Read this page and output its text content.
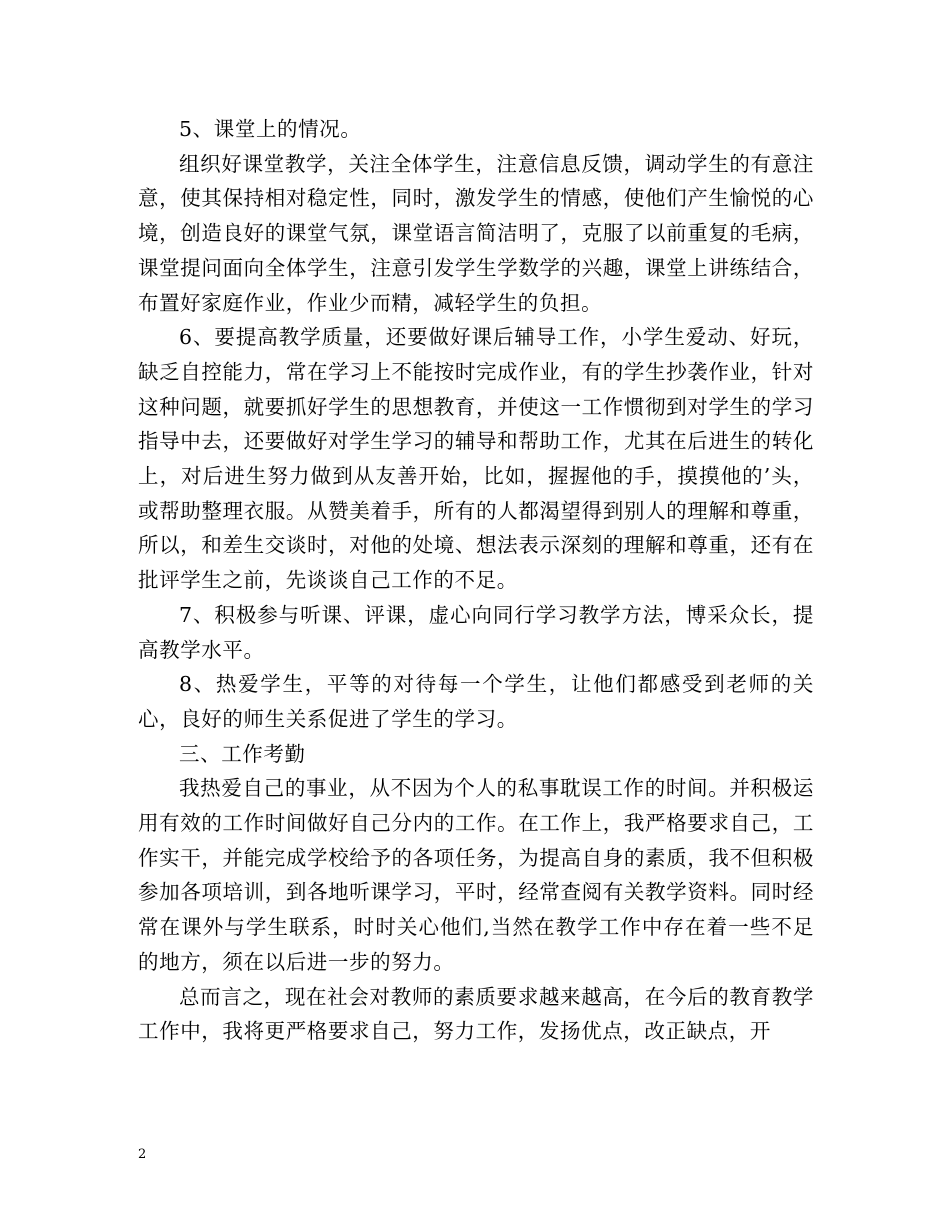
5、课堂上的情况。

组织好课堂教学，关注全体学生，注意信息反馈，调动学生的有意注意，使其保持相对稳定性，同时，激发学生的情感，使他们产生愉悦的心境，创造良好的课堂气氛，课堂语言简洁明了，克服了以前重复的毛病，课堂提问面向全体学生，注意引发学生学数学的兴趣，课堂上讲练结合，布置好家庭作业，作业少而精，减轻学生的负担。

6、要提高教学质量，还要做好课后辅导工作，小学生爱动、好玩，缺乏自控能力，常在学习上不能按时完成作业，有的学生抄袭作业，针对这种问题，就要抓好学生的思想教育，并使这一工作惯彻到对学生的学习指导中去，还要做好对学生学习的辅导和帮助工作，尤其在后进生的转化上，对后进生努力做到从友善开始，比如，握握他的手，摸摸他的’头，或帮助整理衣服。从赞美着手，所有的人都渴望得到别人的理解和尊重，所以，和差生交谈时，对他的处境、想法表示深刻的理解和尊重，还有在批评学生之前，先谈谈自己工作的不足。

7、积极参与听课、评课，虚心向同行学习教学方法，博采众长，提高教学水平。

8、热爱学生，平等的对待每一个学生，让他们都感受到老师的关心，良好的师生关系促进了学生的学习。

三、工作考勤

我热爱自己的事业，从不因为个人的私事耽误工作的时间。并积极运用有效的工作时间做好自己分内的工作。在工作上，我严格要求自己，工作实干，并能完成学校给予的各项任务，为提高自身的素质，我不但积极参加各项培训，到各地听课学习，平时，经常查阅有关教学资料。同时经常在课外与学生联系，时时关心他们,当然在教学工作中存在着一些不足的地方，须在以后进一步的努力。

总而言之，现在社会对教师的素质要求越来越高，在今后的教育教学工作中，我将更严格要求自己，努力工作，发扬优点，改正缺点，开

2
